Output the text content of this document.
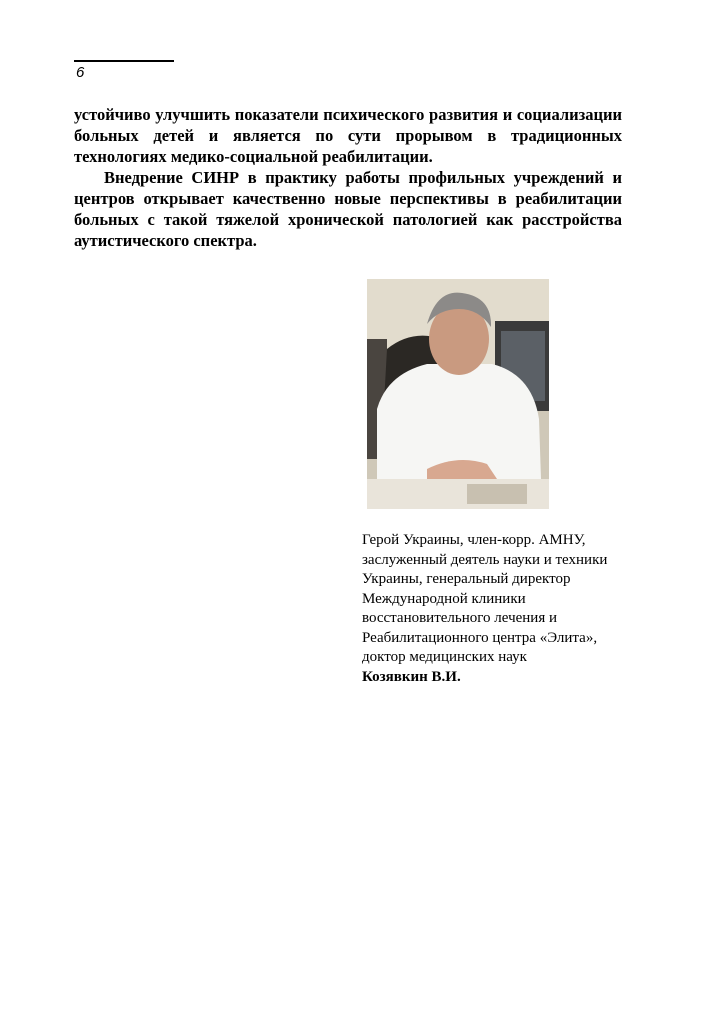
6

устойчиво улучшить показатели психического развития и социализации больных детей и является по сути прорывом в традиционных технологиях медико-социальной реабилитации.

Внедрение СИНР в практику работы профильных учреждений и центров открывает качественно новые перспективы в реабилитации больных с такой тяжелой хронической патологией как расстройства аутистического спектра.

Герой Украины, член-корр. АМНУ, заслуженный деятель науки и техники Украины, генеральный директор Международной клиники восстановительного лечения и Реабилитационного центра «Элита», доктор медицинских наук
Козявкин В.И.
